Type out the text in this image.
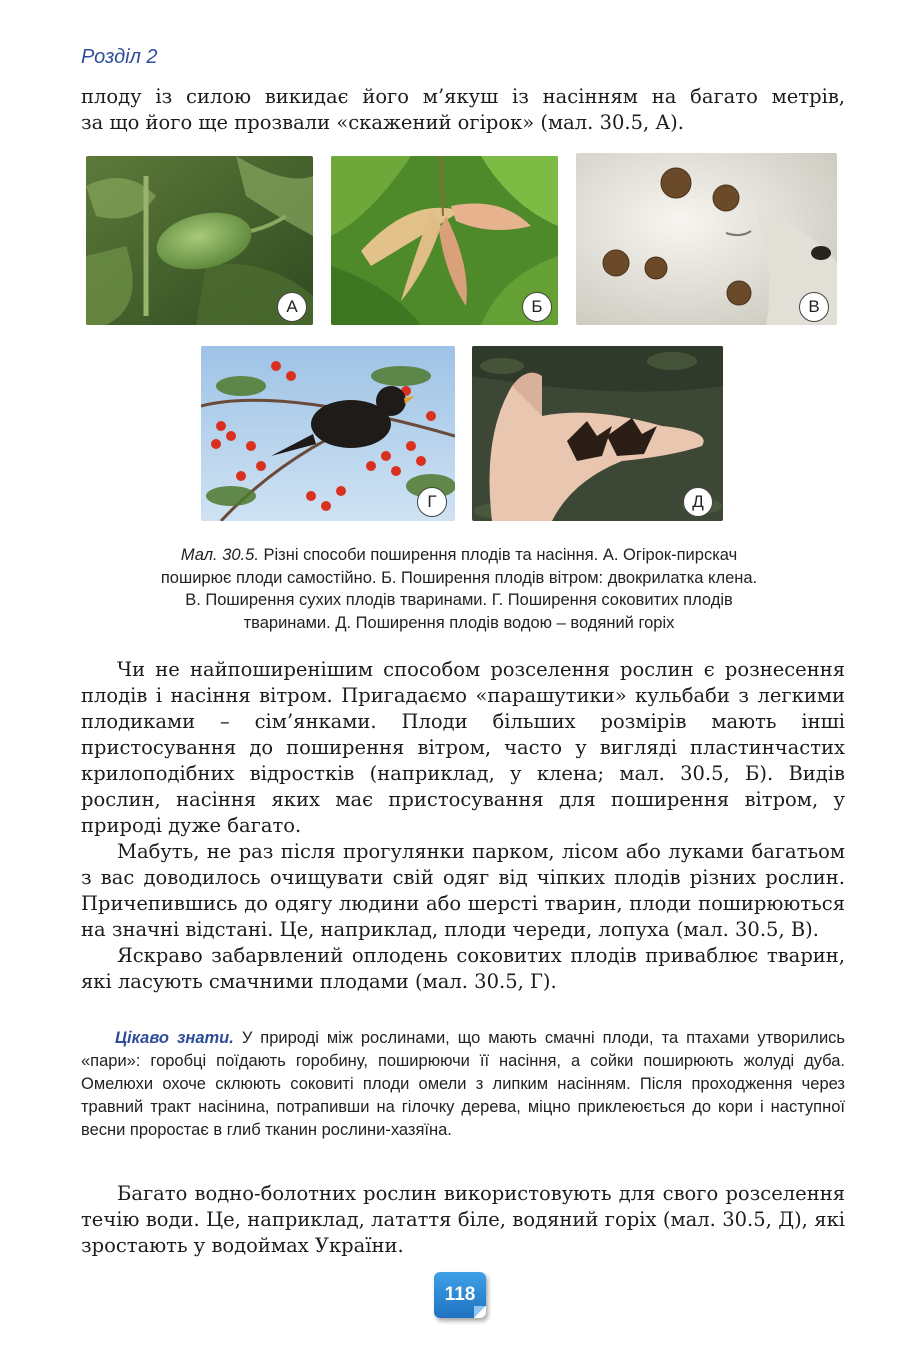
Розділ 2
плоду із силою викидає його м’якуш із насінням на багато метрів,
за що його ще прозвали «скажений огірок» (мал. 30.5, А).
А	Б	В
Г	Д
Мал. 30.5. Різні способи поширення плодів та насіння. А. Огірок-пирскач
поширює плоди самостійно. Б. Поширення плодів вітром: двокрилатка клена.
В. Поширення сухих плодів тваринами. Г. Поширення соковитих плодів
тваринами. Д. Поширення плодів водою – водяний горіх

Чи не найпоширенішим способом розселення рослин є рознесення плодів і насіння вітром. Пригадаємо «парашутики» кульбаби з легкими плодиками – сім’янками. Плоди більших розмірів мають інші пристосування до поширення вітром, часто у вигляді пластинчастих крилоподібних відростків (наприклад, у клена; мал. 30.5, Б). Видів рослин, насіння яких має пристосування для поширення вітром, у природі дуже багато.

Мабуть, не раз після прогулянки парком, лісом або луками багатьом з вас доводилось очищувати свій одяг від чіпких плодів різних рослин. Причепившись до одягу людини або шерсті тварин, плоди поширюються на значні відстані. Це, наприклад, плоди череди, лопуха (мал. 30.5, В).

Яскраво забарвлений оплодень соковитих плодів приваблює тварин, які ласують смачними плодами (мал. 30.5, Г).

Цікаво знати. У природі між рослинами, що мають смачні плоди, та птахами утворились «пари»: горобці поїдають горобину, поширюючи її насіння, а сойки поширюють жолуді дуба. Омелюхи охоче склюють соковиті плоди омели з липким насінням. Після проходження через травний тракт насінина, потрапивши на гілочку дерева, міцно приклеюється до кори і наступної весни проростає в глиб тканин рослини-хазяїна.

Багато водно-болотних рослин використовують для свого розселення течію води. Це, наприклад, латаття біле, водяний горіх (мал. 30.5, Д), які зростають у водоймах України.

118
